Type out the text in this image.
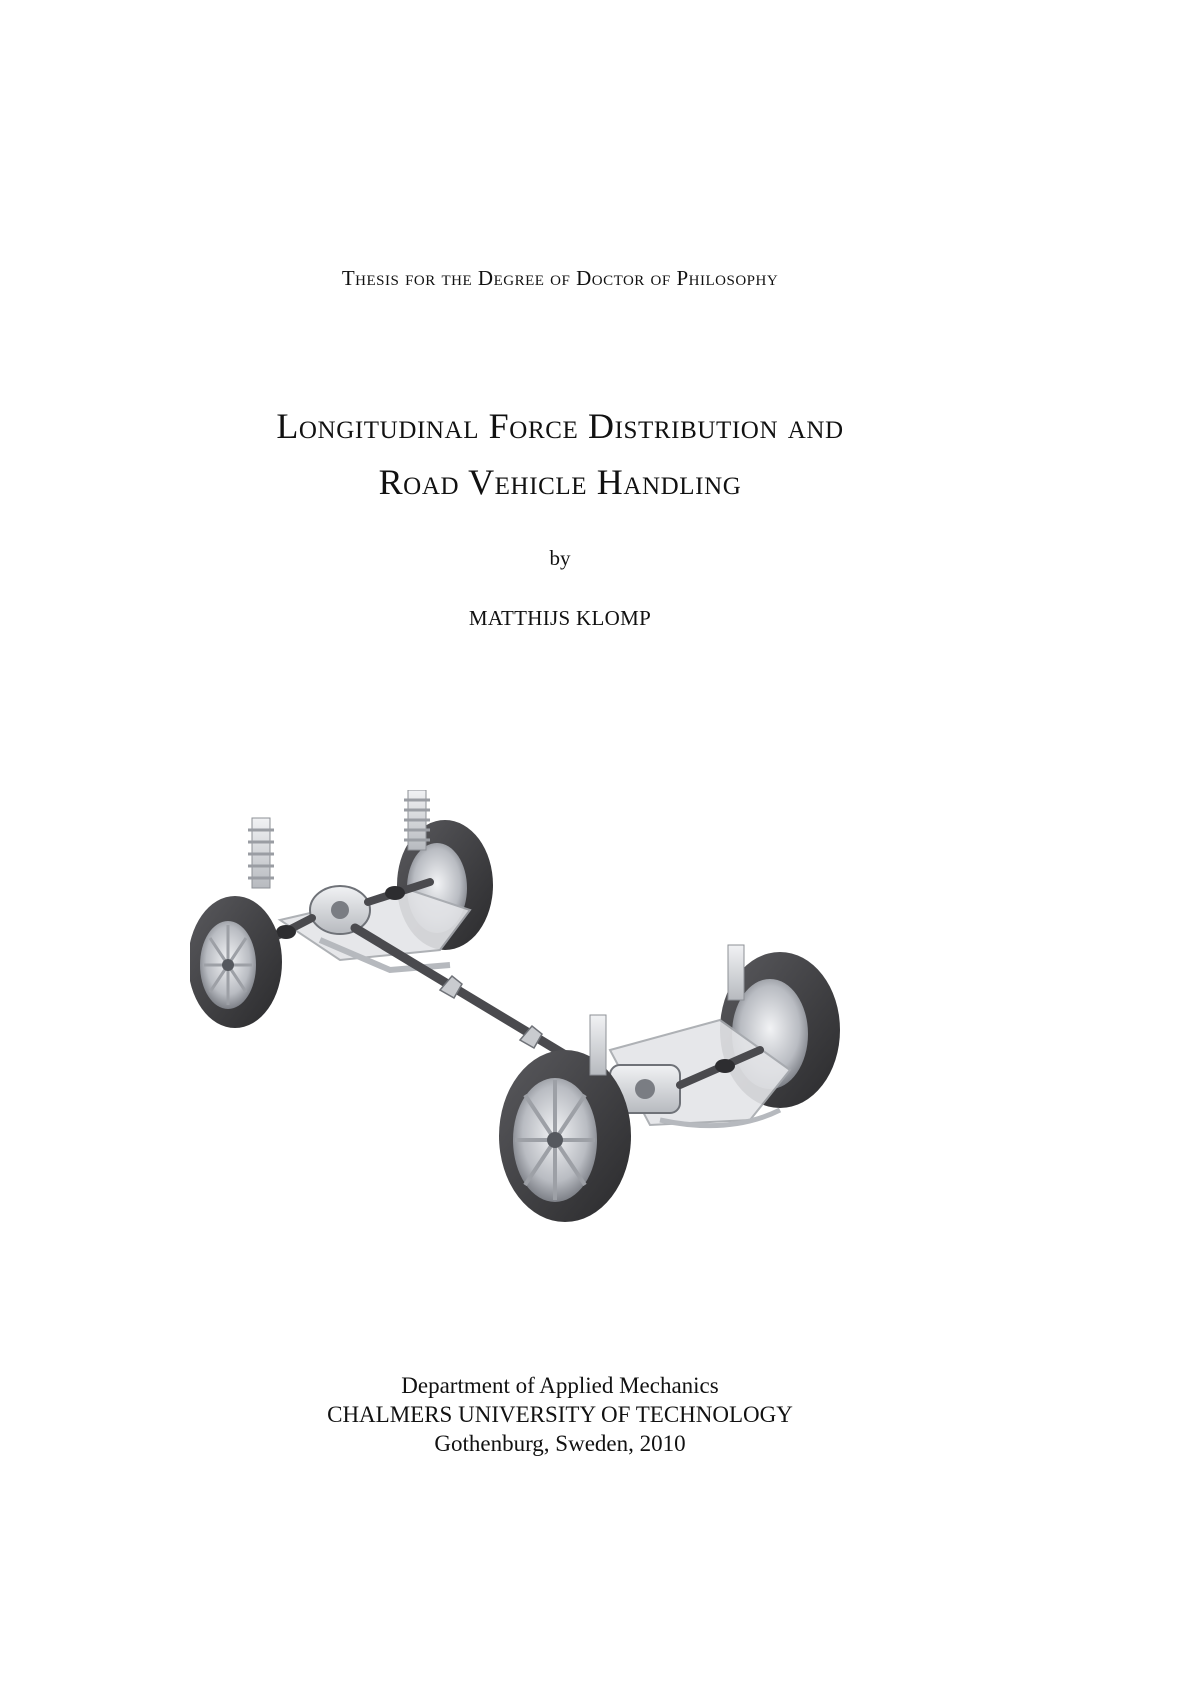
Thesis for the Degree of Doctor of Philosophy
Longitudinal Force Distribution and
Road Vehicle Handling
by
MATTHIJS KLOMP
Department of Applied Mechanics
CHALMERS UNIVERSITY OF TECHNOLOGY
Gothenburg, Sweden, 2010
